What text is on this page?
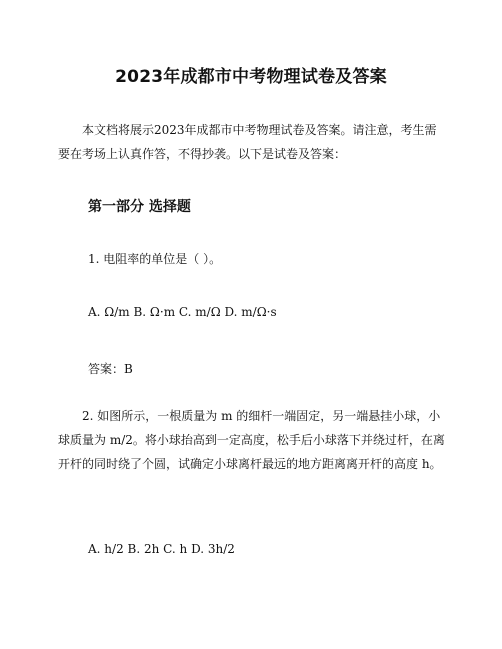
2023年成都市中考物理试卷及答案
本文档将展示2023年成都市中考物理试卷及答案。请注意，考生需要在考场上认真作答，不得抄袭。以下是试卷及答案：
第一部分 选择题
1. 电阻率的单位是（ ）。
A. Ω/m B. Ω·m C. m/Ω D. m/Ω·s
答案：B
2. 如图所示，一根质量为 m 的细杆一端固定，另一端悬挂小球，小球质量为 m/2。将小球抬高到一定高度，松手后小球落下并绕过杆，在离开杆的同时绕了个圆，试确定小球离杆最远的地方距离离开杆的高度 h。
A. h/2 B. 2h C. h D. 3h/2
